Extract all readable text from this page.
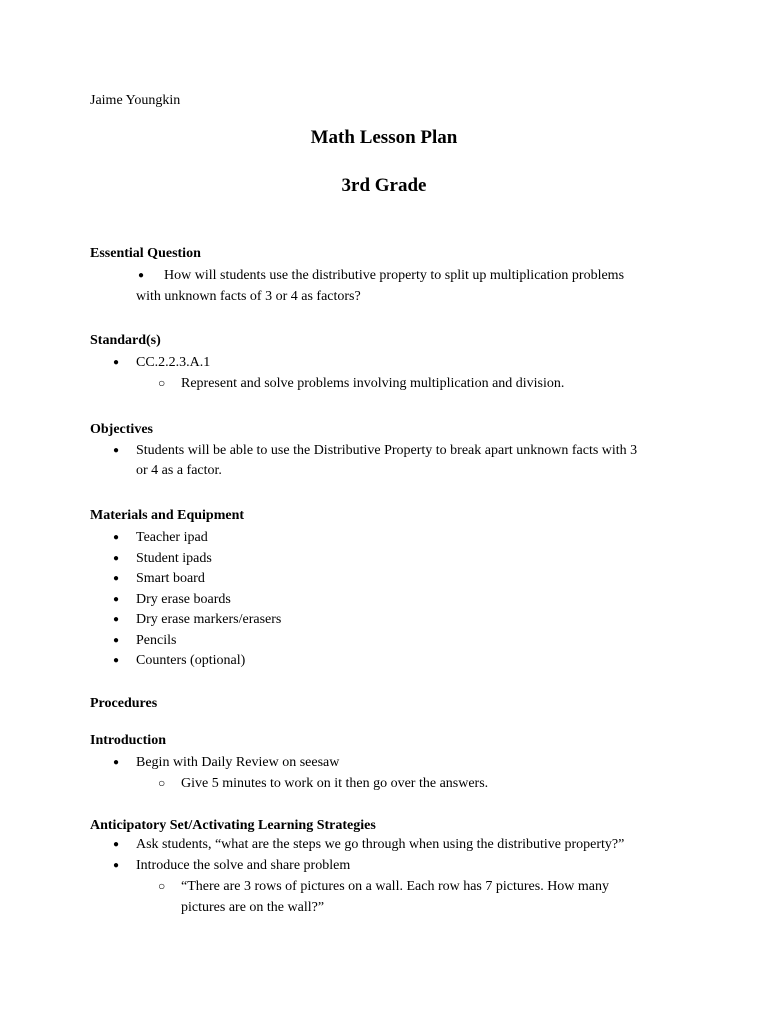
Jaime Youngkin
Math Lesson Plan
3rd Grade
Essential Question
● How will students use the distributive property to split up multiplication problems
with unknown facts of 3 or 4 as factors?
Standard(s)
● CC.2.2.3.A.1
○ Represent and solve problems involving multiplication and division.
Objectives
● Students will be able to use the Distributive Property to break apart unknown facts with 3
or 4 as a factor.
Materials and Equipment
● Teacher ipad
● Student ipads
● Smart board
● Dry erase boards
● Dry erase markers/erasers
● Pencils
● Counters (optional)
Procedures
Introduction
● Begin with Daily Review on seesaw
○ Give 5 minutes to work on it then go over the answers.
Anticipatory Set/Activating Learning Strategies
● Ask students, “what are the steps we go through when using the distributive property?”
● Introduce the solve and share problem
○ “There are 3 rows of pictures on a wall. Each row has 7 pictures. How many
pictures are on the wall?”
